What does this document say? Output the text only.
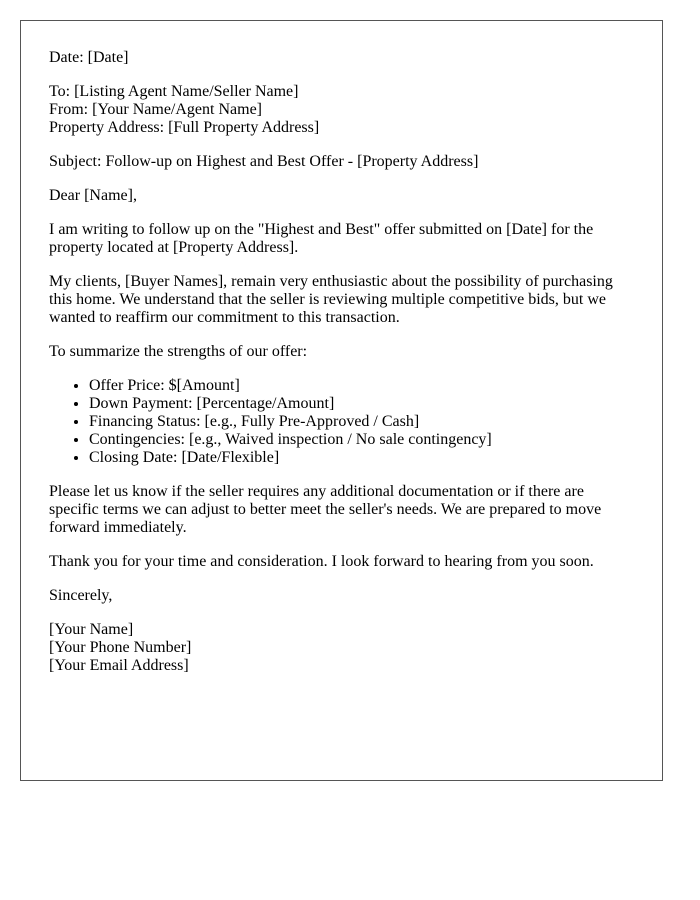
Date: [Date]

To: [Listing Agent Name/Seller Name]
From: [Your Name/Agent Name]
Property Address: [Full Property Address]

Subject: Follow-up on Highest and Best Offer - [Property Address]

Dear [Name],

I am writing to follow up on the "Highest and Best" offer submitted on [Date] for the property located at [Property Address].

My clients, [Buyer Names], remain very enthusiastic about the possibility of purchasing this home. We understand that the seller is reviewing multiple competitive bids, but we wanted to reaffirm our commitment to this transaction.

To summarize the strengths of our offer:

• Offer Price: $[Amount]
• Down Payment: [Percentage/Amount]
• Financing Status: [e.g., Fully Pre-Approved / Cash]
• Contingencies: [e.g., Waived inspection / No sale contingency]
• Closing Date: [Date/Flexible]

Please let us know if the seller requires any additional documentation or if there are specific terms we can adjust to better meet the seller's needs. We are prepared to move forward immediately.

Thank you for your time and consideration. I look forward to hearing from you soon.

Sincerely,

[Your Name]
[Your Phone Number]
[Your Email Address]
